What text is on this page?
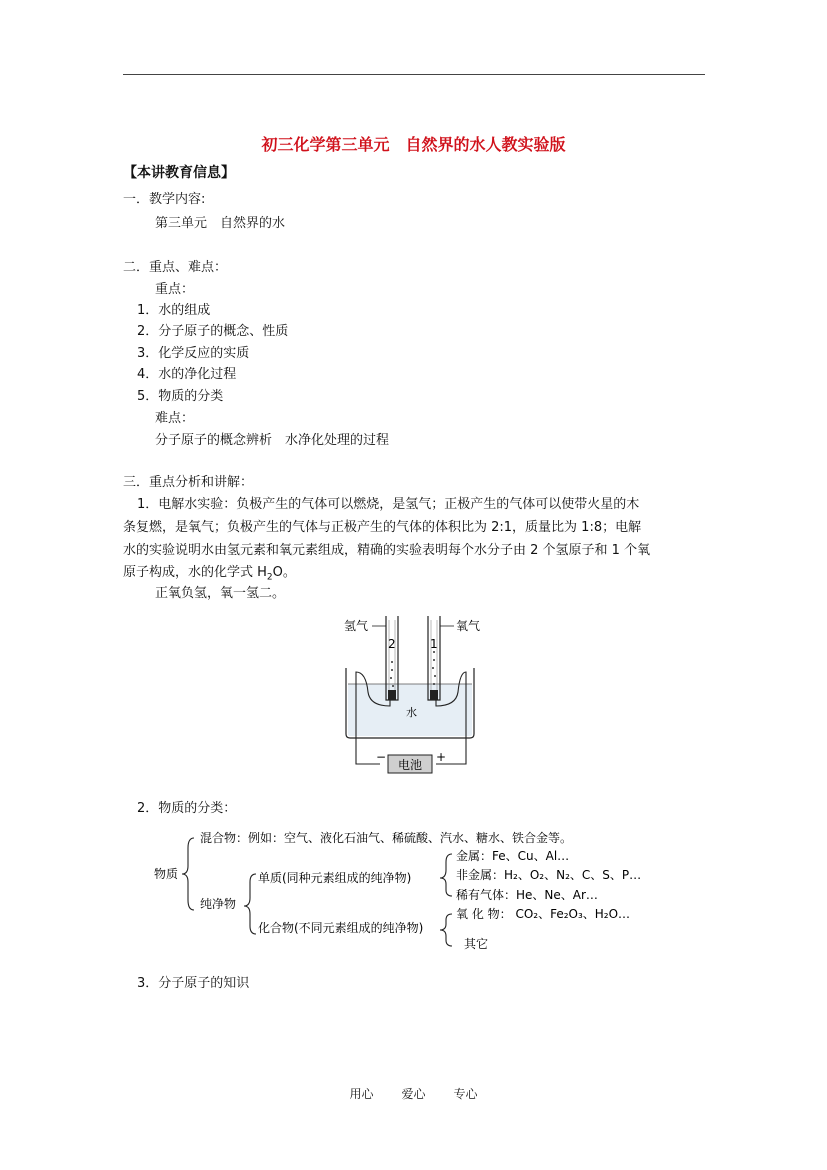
初三化学第三单元　自然界的水人教实验版
【本讲教育信息】
一．教学内容:
第三单元　自然界的水
二．重点、难点：
重点：
1．水的组成
2．分子原子的概念、性质
3．化学反应的实质
4．水的净化过程
5．物质的分类
难点：
分子原子的概念辨析　水净化处理的过程
三．重点分析和讲解：
1．电解水实验：负极产生的气体可以燃烧，是氢气；正极产生的气体可以使带火星的木
条复燃，是氧气；负极产生的气体与正极产生的气体的体积比为 2:1，质量比为 1:8；电解
水的实验说明水由氢元素和氧元素组成，精确的实验表明每个水分子由 2 个氢原子和 1 个氧
原子构成，水的化学式 $H_2O$。
正氧负氢，氧一氢二。
氢气	氧气
2	1
水
电池
−	+
2．物质的分类：
物质
混合物：例如：空气、液化石油气、稀硫酸、汽水、糖水、铁合金等。
纯净物
单质(同种元素组成的纯净物)
金属：Fe、Cu、Al…
非金属：H₂、O₂、N₂、C、S、P…
稀有气体：He、Ne、Ar…
化合物(不同元素组成的纯净物)
氧 化 物： CO₂、Fe₂O₃、H₂O…
其它
3．分子原子的知识
用心 爱心 专心
